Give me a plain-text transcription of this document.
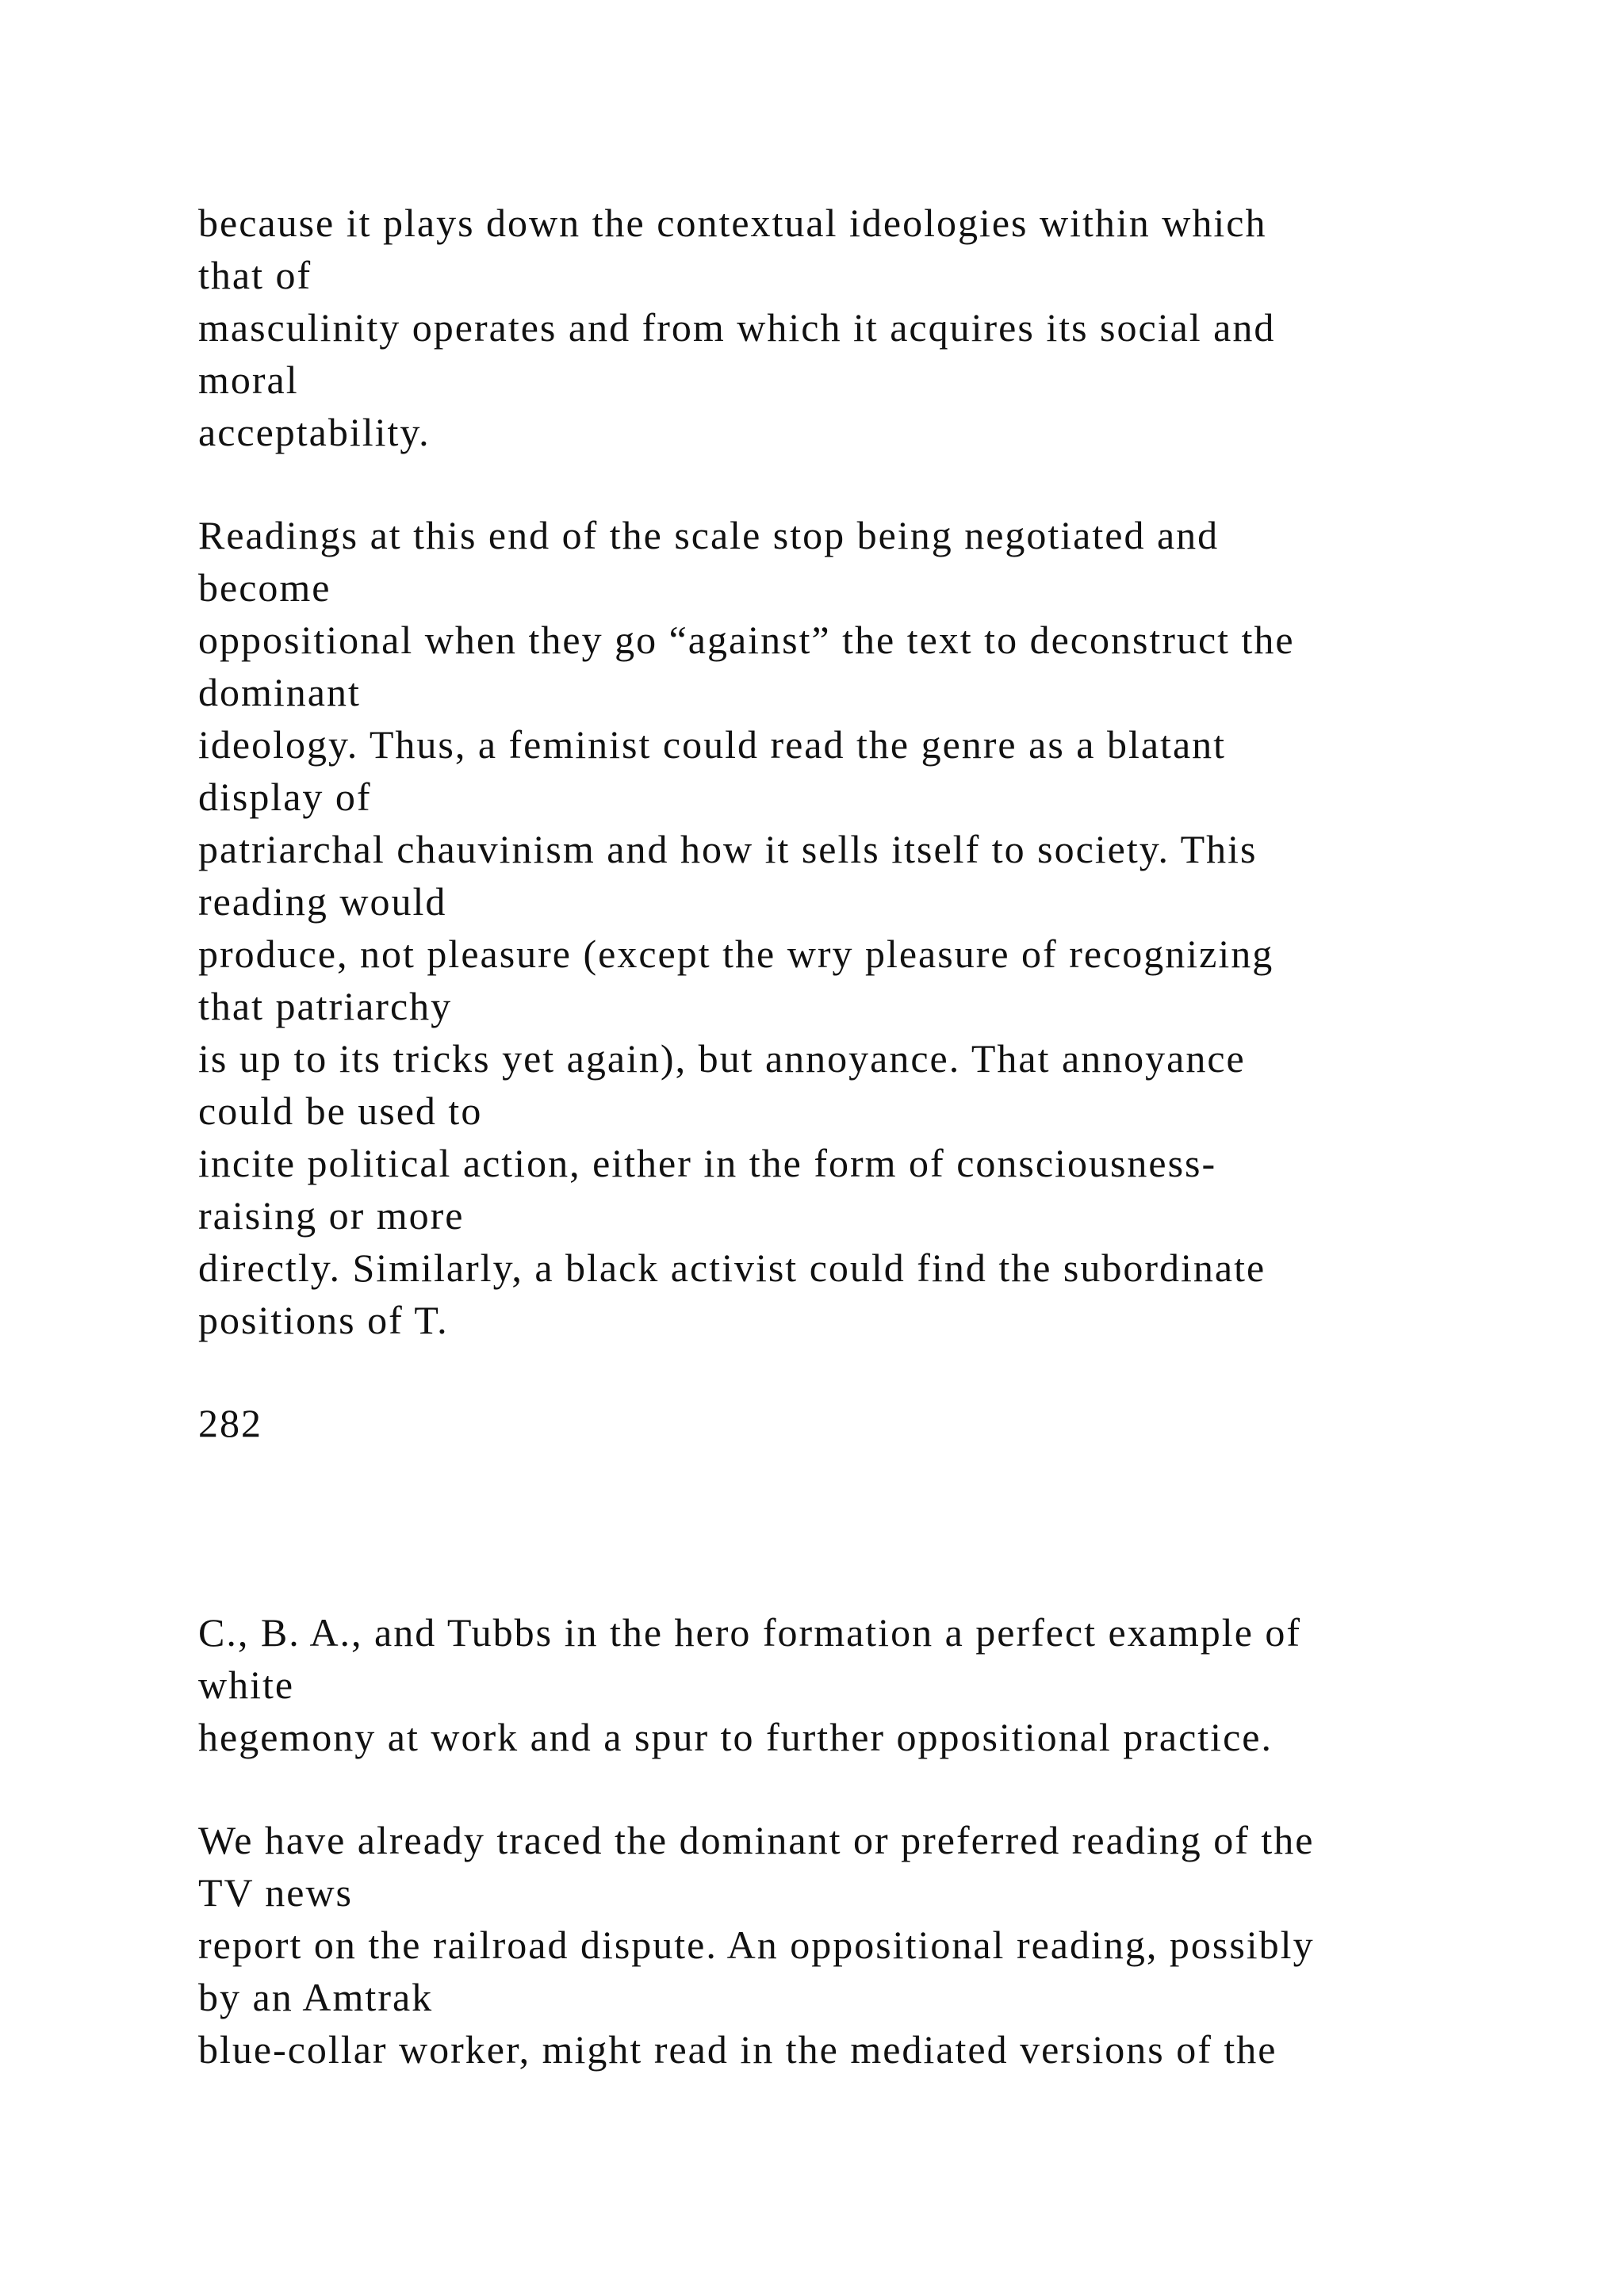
because it plays down the contextual ideologies within which
that of
masculinity operates and from which it acquires its social and
moral
acceptability.
Readings at this end of the scale stop being negotiated and
become
oppositional when they go “against” the text to deconstruct the
dominant
ideology. Thus, a feminist could read the genre as a blatant
display of
patriarchal chauvinism and how it sells itself to society. This
reading would
produce, not pleasure (except the wry pleasure of recognizing
that patriarchy
is up to its tricks yet again), but annoyance. That annoyance
could be used to
incite political action, either in the form of consciousness-
raising or more
directly. Similarly, a black activist could find the subordinate
positions of T.
282
C., B. A., and Tubbs in the hero formation a perfect example of
white
hegemony at work and a spur to further oppositional practice.
We have already traced the dominant or preferred reading of the
TV news
report on the railroad dispute. An oppositional reading, possibly
by an Amtrak
blue-collar worker, might read in the mediated versions of the
